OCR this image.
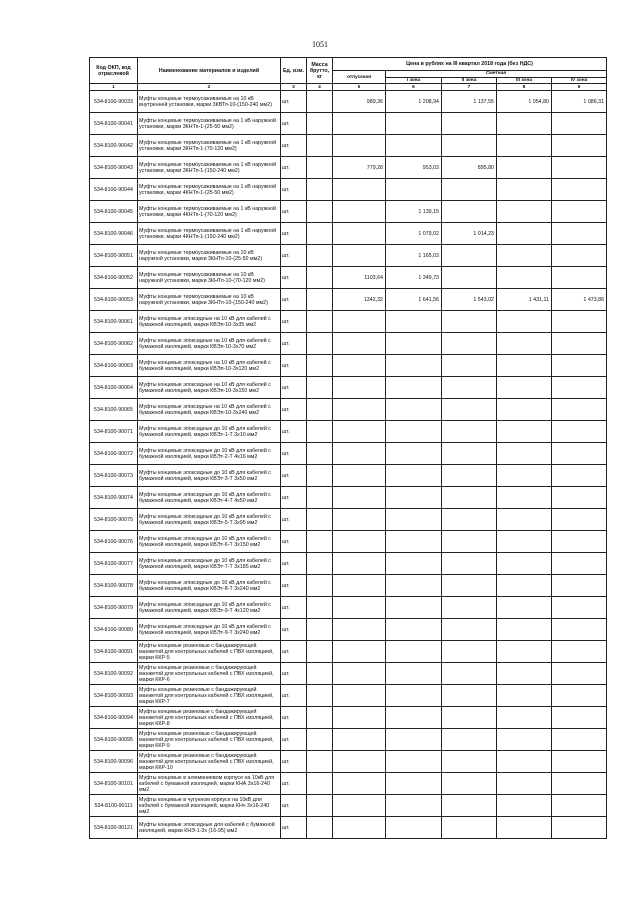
1051
Код ОКП, код отраслевой	Наименование материалов и изделий	Ед. изм.	Масса брутто, кг	Цена в рублях на III квартал 2018 года (без НДС)				
				отпускная	Сметная			
					I зона	II зона	III зона	IV зона
1	2	3	4	5	6	7	8	9
534-8100-90033	Муфты концевые термоусаживаемые на 10 кВ внутренней установки, марки 3КВТп-10-(150-240 мм2)	шт.		989,36	1 208,94	1 137,55	1 054,80	1 086,31
534-8100-90041	Муфты концевые термоусаживаемые на 1 кВ наружной установки, марки 3КНТп-1-(25-50 мм2)	шт.						
534-8100-90042	Муфты концевые термоусаживаемые на 1 кВ наружной установки, марки 3КНТп-1-(70-120 мм2)	шт.						
534-8100-90043	Муфты концевые термоусаживаемые на 1 кВ наружной установки, марки 3КНТп-1-(150-240 мм2)	шт.		779,28	953,03	895,80		
534-8100-90044	Муфты концевые термоусаживаемые на 1 кВ наружной установки, марки 4КНТп-1-(25-50 мм2)	шт.						
534-8100-90045	Муфты концевые термоусаживаемые на 1 кВ наружной установки, марки 4КНТп-1-(70-120 мм2)	шт.			1 139,15			
534-8100-90046	Муфты концевые термоусаживаемые на 1 кВ наружной установки, марки 4КНТп-1-(150-240 мм2)	шт.			1 079,02	1 014,23		
534-8100-90051	Муфты концевые термоусаживаемые на 10 кВ наружной установки, марки 3КНТп-10-(25-50 мм2)	шт.			1 165,03			
534-8100-90052	Муфты концевые термоусаживаемые на 10 кВ наружной установки, марки 3КНТп-10-(70-120 мм2)	шт.		1103,64	1 349,73			
534-8100-90053	Муфты концевые термоусаживаемые на 10 кВ наружной установки, марки 3КНТп-10-(150-240 мм2)	шт.		1342,32	1 641,56	1 543,02	1 431,11	1 473,86
534-8100-90061	Муфты концевые эпоксидные на 10 кВ для кабелей с бумажной изоляцией, марки КВЭп-10-3х35 мм2	шт.						
534-8100-90062	Муфты концевые эпоксидные на 10 кВ для кабелей с бумажной изоляцией, марки КВЭп-10-3х70 мм2	шт.						
534-8100-90063	Муфты концевые эпоксидные на 10 кВ для кабелей с бумажной изоляцией, марки КВЭп-10-3х120 мм2	шт.						
534-8100-90064	Муфты концевые эпоксидные на 10 кВ для кабелей с бумажной изоляцией, марки КВЭп-10-3х150 мм2	шт.						
534-8100-90065	Муфты концевые эпоксидные на 10 кВ для кабелей с бумажной изоляцией, марки КВЭп-10-3х240 мм2	шт.						
534-8100-90071	Муфты концевые эпоксидные до 10 кВ для кабелей с бумажной изоляцией, марки КВЭт-1-Т 3х10 мм2	шт.						
534-8100-90072	Муфты концевые эпоксидные до 10 кВ для кабелей с бумажной изоляцией, марки КВЭт-2-Т 4х16 мм2	шт.						
534-8100-90073	Муфты концевые эпоксидные до 10 кВ для кабелей с бумажной изоляцией, марки КВЭт-3-Т 3х50 мм2	шт.						
534-8100-90074	Муфты концевые эпоксидные до 10 кВ для кабелей с бумажной изоляцией, марки КВЭт-4-Т 4х50 мм2	шт.						
534-8100-90075	Муфты концевые эпоксидные до 10 кВ для кабелей с бумажной изоляцией, марки КВЭт-5-Т 3х95 мм2	шт.						
534-8100-90076	Муфты концевые эпоксидные до 10 кВ для кабелей с бумажной изоляцией, марки КВЭт-6-Т 3х150 мм2	шт.						
534-8100-90077	Муфты концевые эпоксидные до 10 кВ для кабелей с бумажной изоляцией, марки КВЭт-7-Т 3х185 мм2	шт.						
534-8100-90078	Муфты концевые эпоксидные до 10 кВ для кабелей с бумажной изоляцией, марки КВЭт-8-Т 3х240 мм2	шт.						
534-8100-90079	Муфты концевые эпоксидные до 10 кВ для кабелей с бумажной изоляцией, марки КВЭт-9-Т 4х120 мм2	шт.						
534-8100-90080	Муфты концевые эпоксидные до 10 кВ для кабелей с бумажной изоляцией, марки КВЭт-9-Т 3х240 мм2	шт.						
534-8100-90091	Муфты концевые резиновые с бандажирующей манжетой для контрольных кабелей с ПВХ изоляцией, марки ККР-5	шт.						
534-8100-90092	Муфты концевые резиновые с бандажирующей манжетой для контрольных кабелей с ПВХ изоляцией, марки ККР-6	шт.						
534-8100-90093	Муфты концевые резиновые с бандажирующей манжетой для контрольных кабелей с ПВХ изоляцией, марки ККР-7	шт.						
534-8100-90094	Муфты концевые резиновые с бандажирующей манжетой для контрольных кабелей с ПВХ изоляцией, марки ККР-8	шт.						
534-8100-90095	Муфты концевые резиновые с бандажирующей манжетой для контрольных кабелей с ПВХ изоляцией, марки ККР-9	шт.						
534-8100-90096	Муфты концевые резиновые с бандажирующей манжетой для контрольных кабелей с ПВХ изоляцией, марки ККР-10	шт.						
534-8100-90101	Муфты концевые в алюминиевом корпусе на 10кВ для кабелей с бумажной изоляцией, марки КНА 3х16-240 мм2	шт.						
534-8100-90111	Муфты концевые в чугунном корпусе на 10кВ для кабелей с бумажной изоляцией, марки КНч 3х16-240 мм2	шт.						
534-8100-90121	Муфты концевые эпоксидные для кабелей с бумажной изоляцией, марки КНЭ-1-3х (16-95) мм2	шт.						
